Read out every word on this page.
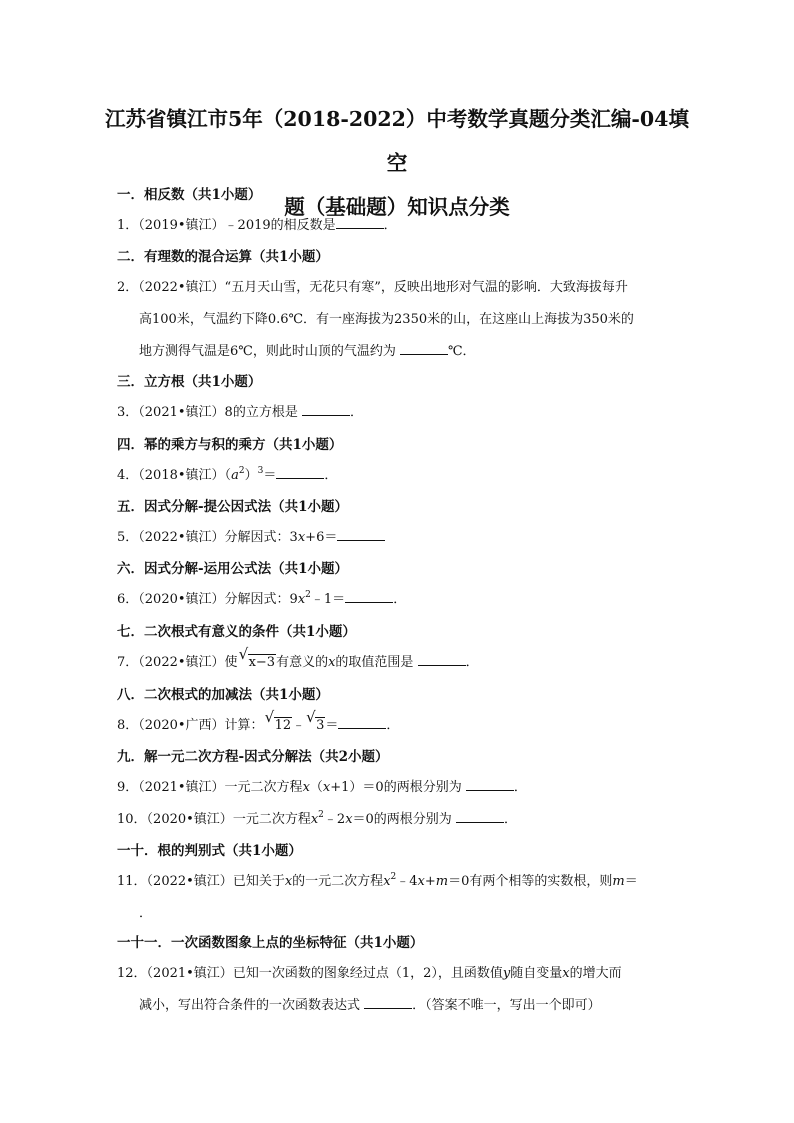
江苏省镇江市5年（2018-2022）中考数学真题分类汇编-04填空
题（基础题）知识点分类
一．相反数（共1小题）
1．（2019•镇江）﹣2019的相反数是	．
二．有理数的混合运算（共1小题）
2．（2022•镇江）“五月天山雪，无花只有寒”，反映出地形对气温的影响．大致海拔每升
高100米，气温约下降0.6℃．有一座海拔为2350米的山，在这座山上海拔为350米的
地方测得气温是6℃，则此时山顶的气温约为	℃．
三．立方根（共1小题）
3．（2021•镇江）8的立方根是	．
四．幂的乘方与积的乘方（共1小题）
4．（2018•镇江）$(a^2)^3=$	．
五．因式分解-提公因式法（共1小题）
5．（2022•镇江）分解因式：3x+6＝
六．因式分解-运用公式法（共1小题）
6．（2020•镇江）分解因式：$9x^2﹣1=$	．
七．二次根式有意义的条件（共1小题）
7．（2022•镇江）使 √ x−3有意义的x的取值范围是	．
八．二次根式的加减法（共1小题）
8．（2020•广西）计算： √ 12﹣ √ 3＝	．
九．解一元二次方程-因式分解法（共2小题）
9．（2021•镇江）一元二次方程x（x+1）＝0的两根分别为	．
10．（2020•镇江）一元二次方程$x^2﹣2x=0$的两根分别为	．
一十．根的判别式（共1小题）
11．（2022•镇江）已知关于x的一元二次方程$x^2﹣4x+m=0$有两个相等的实数根，则m＝
．
一十一．一次函数图象上点的坐标特征（共1小题）
12．（2021•镇江）已知一次函数的图象经过点（1，2），且函数值y随自变量x的增大而
减小，写出符合条件的一次函数表达式	．（答案不唯一，写出一个即可）
